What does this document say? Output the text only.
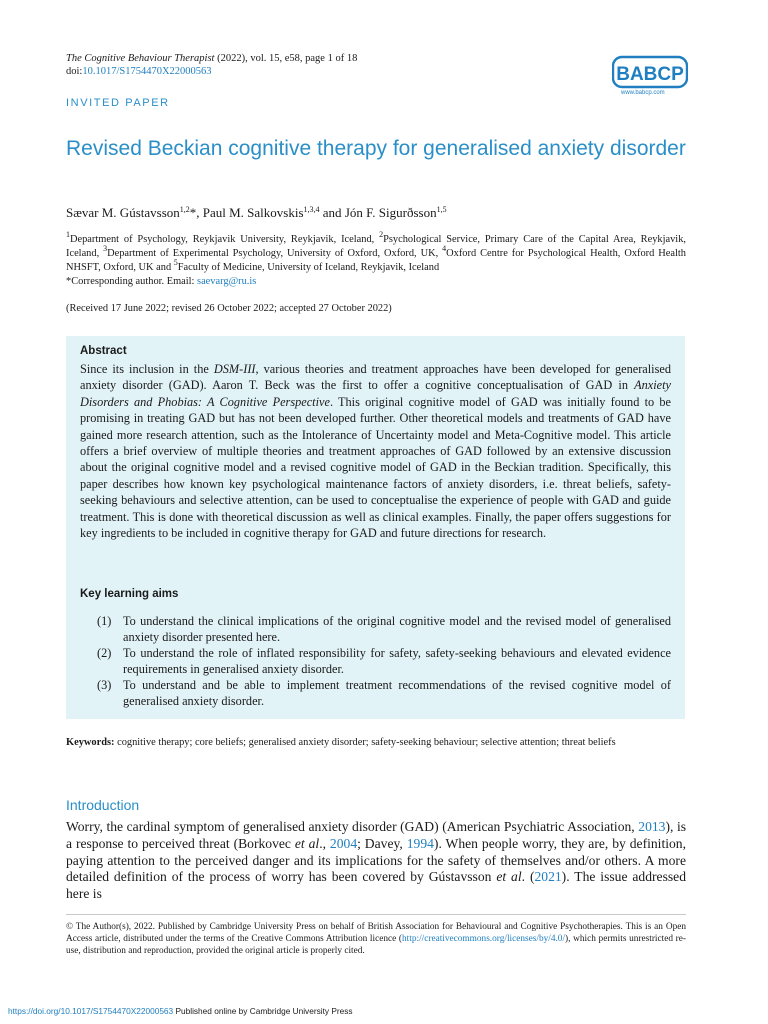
The Cognitive Behaviour Therapist (2022), vol. 15, e58, page 1 of 18
doi:10.1017/S1754470X22000563	BABCP
www.babcp.com
INVITED PAPER
Revised Beckian cognitive therapy for generalised anxiety disorder
Sævar M. Gústavsson$^{1,2}$*, Paul M. Salkovskis$^{1,3,4}$ and Jón F. Sigurðsson$^{1,5}$
$^1$Department of Psychology, Reykjavik University, Reykjavik, Iceland, $^2$Psychological Service, Primary Care of the Capital Area, Reykjavik, Iceland, $^3$Department of Experimental Psychology, University of Oxford, Oxford, UK, $^4$Oxford Centre for Psychological Health, Oxford Health NHSFT, Oxford, UK and $^5$Faculty of Medicine, University of Iceland, Reykjavik, Iceland
*Corresponding author. Email: saevarg@ru.is
(Received 17 June 2022; revised 26 October 2022; accepted 27 October 2022)
Abstract
Since its inclusion in the DSM-III, various theories and treatment approaches have been developed for generalised anxiety disorder (GAD). Aaron T. Beck was the first to offer a cognitive conceptualisation of GAD in Anxiety Disorders and Phobias: A Cognitive Perspective. This original cognitive model of GAD was initially found to be promising in treating GAD but has not been developed further. Other theoretical models and treatments of GAD have gained more research attention, such as the Intolerance of Uncertainty model and Meta-Cognitive model. This article offers a brief overview of multiple theories and treatment approaches of GAD followed by an extensive discussion about the original cognitive model and a revised cognitive model of GAD in the Beckian tradition. Specifically, this paper describes how known key psychological maintenance factors of anxiety disorders, i.e. threat beliefs, safety-seeking behaviours and selective attention, can be used to conceptualise the experience of people with GAD and guide treatment. This is done with theoretical discussion as well as clinical examples. Finally, the paper offers suggestions for key ingredients to be included in cognitive therapy for GAD and future directions for research.
Key learning aims
(1) To understand the clinical implications of the original cognitive model and the revised model of generalised anxiety disorder presented here.
(2) To understand the role of inflated responsibility for safety, safety-seeking behaviours and elevated evidence requirements in generalised anxiety disorder.
(3) To understand and be able to implement treatment recommendations of the revised cognitive model of generalised anxiety disorder.
Keywords: cognitive therapy; core beliefs; generalised anxiety disorder; safety-seeking behaviour; selective attention; threat beliefs
Introduction
Worry, the cardinal symptom of generalised anxiety disorder (GAD) (American Psychiatric Association, 2013), is a response to perceived threat (Borkovec et al., 2004; Davey, 1994). When people worry, they are, by definition, paying attention to the perceived danger and its implications for the safety of themselves and/or others. A more detailed definition of the process of worry has been covered by Gústavsson et al. (2021). The issue addressed here is
© The Author(s), 2022. Published by Cambridge University Press on behalf of British Association for Behavioural and Cognitive Psychotherapies. This is an Open Access article, distributed under the terms of the Creative Commons Attribution licence (http://creativecommons.org/licenses/by/4.0/), which permits unrestricted re-use, distribution and reproduction, provided the original article is properly cited.
https://doi.org/10.1017/S1754470X22000563 Published online by Cambridge University Press
